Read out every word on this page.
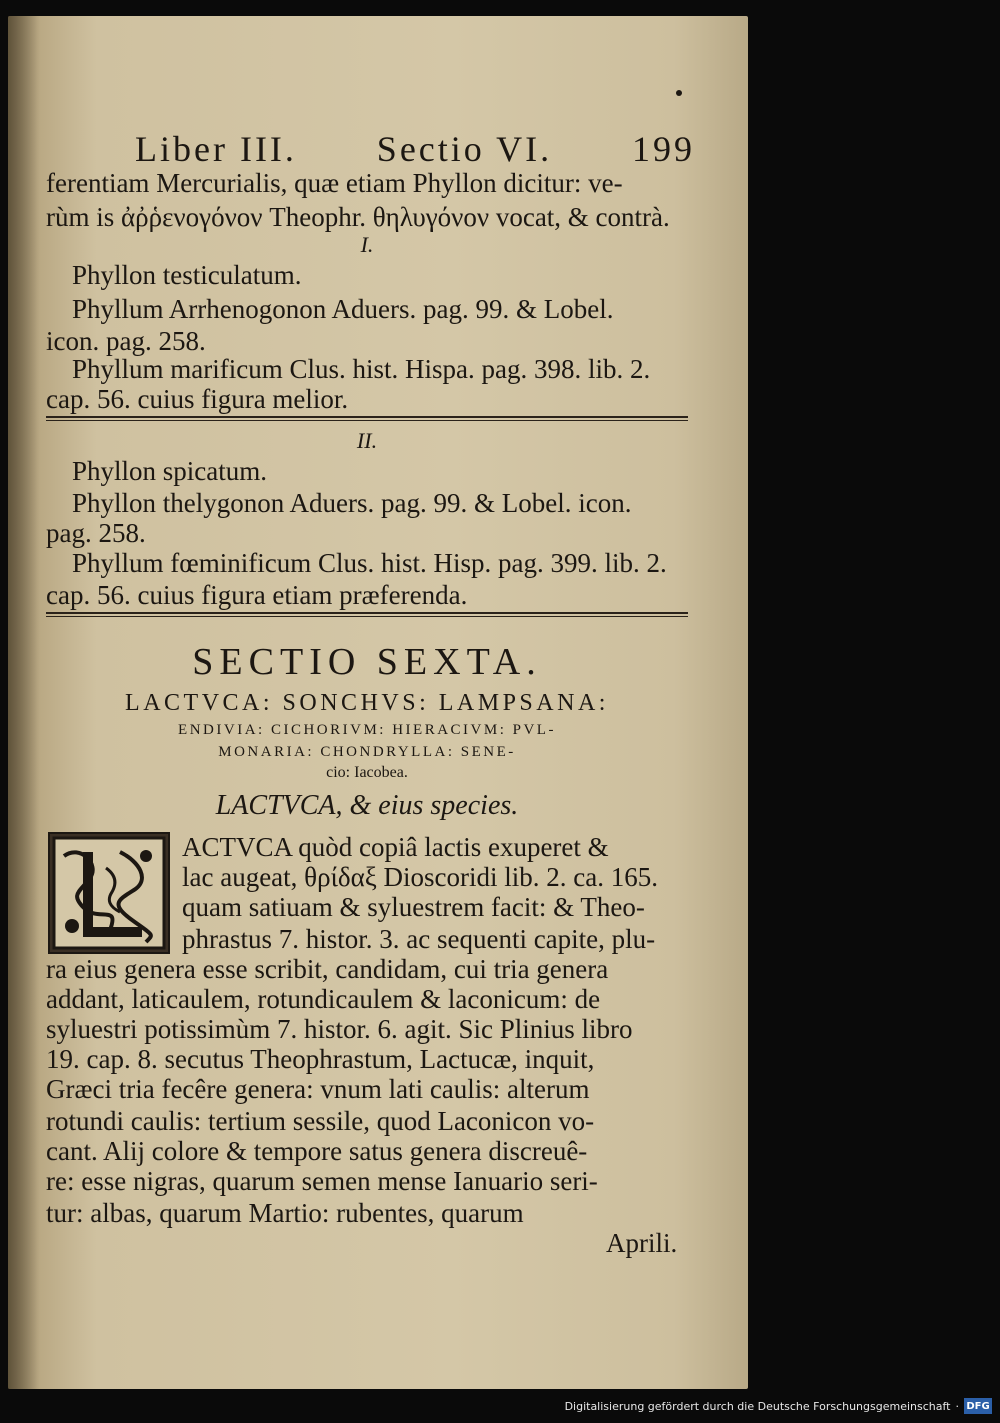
Liber III. Sectio VI. 199
ferentiam Mercurialis, quæ etiam Phyllon dicitur: ve-
rùm is ἀῤῥενογόνον Theophr. θηλυγόνον vocat, & contrà.
I.
Phyllon testiculatum.
Phyllum Arrhenogonon Aduers. pag. 99. & Lobel.
icon. pag. 258.
Phyllum marificum Clus. hist. Hispa. pag. 398. lib. 2.
cap. 56. cuius figura melior.
II.
Phyllon spicatum.
Phyllon thelygonon Aduers. pag. 99. & Lobel. icon.
pag. 258.
Phyllum fœminificum Clus. hist. Hisp. pag. 399. lib. 2.
cap. 56. cuius figura etiam præferenda.
SECTIO SEXTA.
LACTVCA: SONCHVS: LAMPSANA:
ENDIVIA: CICHORIVM: HIERACIVM: PVL-
MONARIA: CHONDRYLLA: SENE-
cio: Iacobea.
LACTVCA, & eius species.
ACTVCA quòd copiâ lactis exuperet &
lac augeat, θρίδαξ Dioscoridi lib. 2. ca. 165.
quam satiuam & syluestrem facit: & Theo-
phrastus 7. histor. 3. ac sequenti capite, plu-
ra eius genera esse scribit, candidam, cui tria genera
addant, laticaulem, rotundicaulem & laconicum: de
syluestri potissimùm 7. histor. 6. agit. Sic Plinius libro
19. cap. 8. secutus Theophrastum, Lactucæ, inquit,
Græci tria fecêre genera: vnum lati caulis: alterum
rotundi caulis: tertium sessile, quod Laconicon vo-
cant. Alij colore & tempore satus genera discreuê-
re: esse nigras, quarum semen mense Ianuario seri-
tur: albas, quarum Martio: rubentes, quarum
Aprili.
Digitalisierung gefördert durch die Deutsche Forschungsgemeinschaft · DFG
